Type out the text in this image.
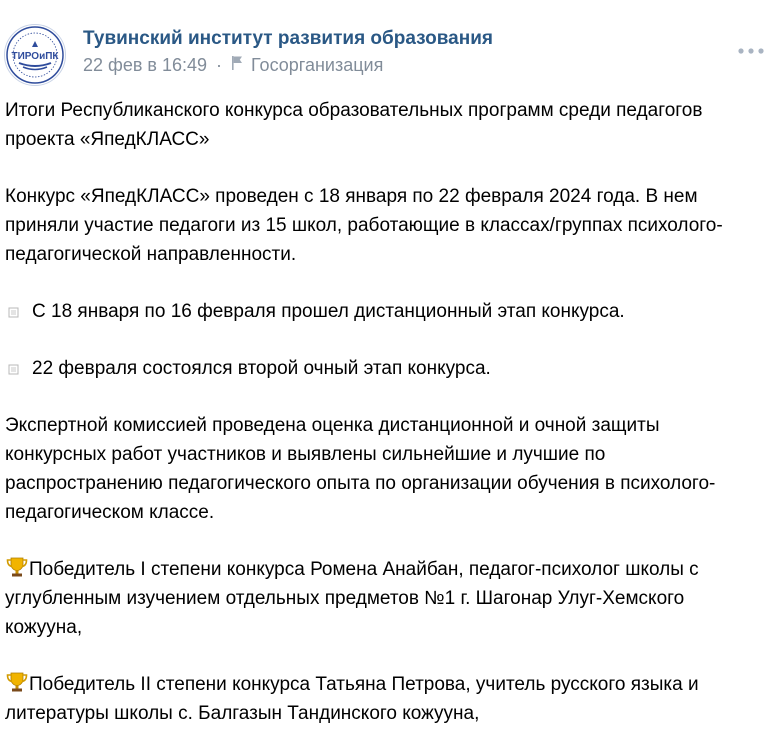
ТИРОиПК
Тувинский институт развития образования
22 фев в 16:49 · Госорганизация

Итоги Республиканского конкурса образовательных программ среди педагогов проекта «ЯпедКЛАСС»

Конкурс «ЯпедКЛАСС» проведен с 18 января по 22 февраля 2024 года. В нем приняли участие педагоги из 15 школ, работающие в классах/группах психолого-педагогической направленности.

С 18 января по 16 февраля прошел дистанционный этап конкурса.

22 февраля состоялся второй очный этап конкурса.

Экспертной комиссией проведена оценка дистанционной и очной защиты конкурсных работ участников и выявлены сильнейшие и лучшие по распространению педагогического опыта по организации обучения в психолого-педагогическом классе.

Победитель I степени конкурса Ромена Анайбан, педагог-психолог школы с углубленным изучением отдельных предметов №1 г. Шагонар Улуг-Хемского кожууна,

Победитель II степени конкурса Татьяна Петрова, учитель русского языка и литературы школы с. Балгазын Тандинского кожууна,
